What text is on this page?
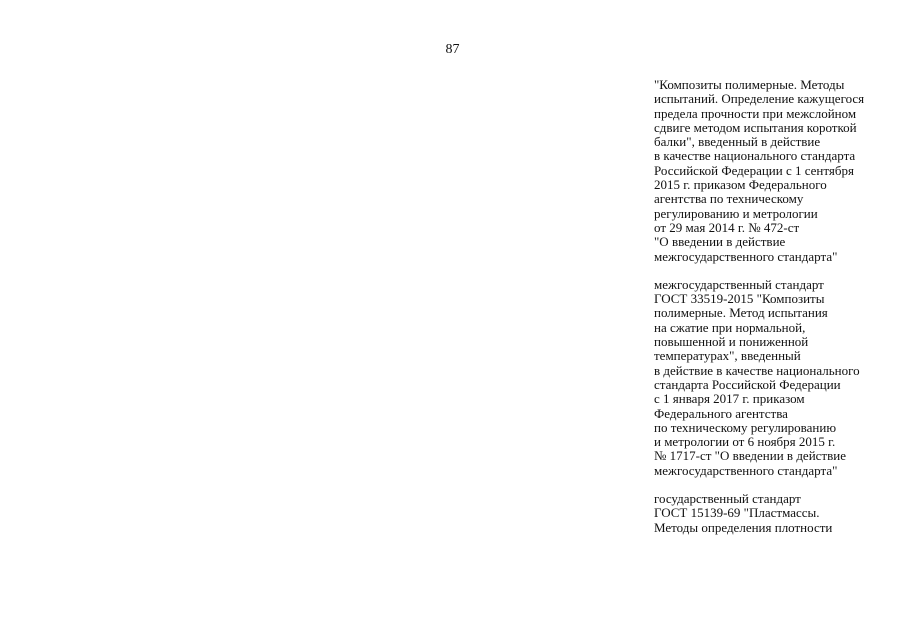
87
"Композиты полимерные. Методы
испытаний. Определение кажущегося
предела прочности при межслойном
сдвиге методом испытания короткой
балки", введенный в действие
в качестве национального стандарта
Российской Федерации с 1 сентября
2015 г. приказом Федерального
агентства по техническому
регулированию и метрологии
от 29 мая 2014 г. № 472-ст
"О введении в действие
межгосударственного стандарта"
межгосударственный стандарт
ГОСТ 33519-2015 "Композиты
полимерные. Метод испытания
на сжатие при нормальной,
повышенной и пониженной
температурах", введенный
в действие в качестве национального
стандарта Российской Федерации
с 1 января 2017 г. приказом
Федерального агентства
по техническому регулированию
и метрологии от 6 ноября 2015 г.
№ 1717-ст "О введении в действие
межгосударственного стандарта"
государственный стандарт
ГОСТ 15139-69 "Пластмассы.
Методы определения плотности
